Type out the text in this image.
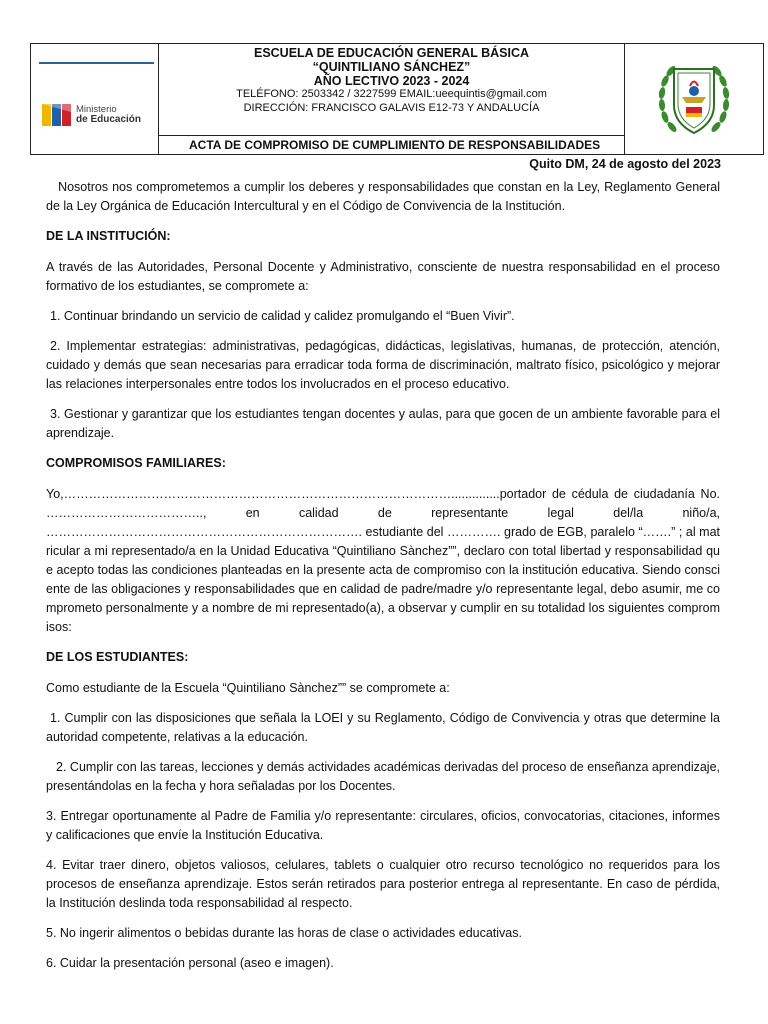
Ministerio
de Educación
ESCUELA DE EDUCACIÓN GENERAL BÁSICA
“QUINTILIANO SÁNCHEZ”
AÑO LECTIVO 2023 - 2024
TELÉFONO: 2503342 / 3227599 EMAIL:ueequintis@gmail.com
DIRECCIÓN: FRANCISCO GALAVIS E12-73 Y ANDALUCÍA
ACTA DE COMPROMISO DE CUMPLIMIENTO DE RESPONSABILIDADES
Quito DM, 24 de agosto del 2023

Nosotros nos comprometemos a cumplir los deberes y responsabilidades que constan en la Ley, Reglamento General de la Ley Orgánica de Educación Intercultural y en el Código de Convivencia de la Institución.

DE LA INSTITUCIÓN:

A través de las Autoridades, Personal Docente y Administrativo, consciente de nuestra responsabilidad en el proceso formativo de los estudiantes, se compromete a:

1. Continuar brindando un servicio de calidad y calidez promulgando el “Buen Vivir”.

2. Implementar estrategias: administrativas, pedagógicas, didácticas, legislativas, humanas, de protección, atención, cuidado y demás que sean necesarias para erradicar toda forma de discriminación, maltrato físico, psicológico y mejorar las relaciones interpersonales entre todos los involucrados en el proceso educativo.

3. Gestionar y garantizar que los estudiantes tengan docentes y aulas, para que gocen de un ambiente favorable para el aprendizaje.

COMPROMISOS FAMILIARES:

Yo,…………………………………………………………………………………..............portador de cédula de ciudadanía No. ……………………………….., en calidad de representante legal del/la niño/a, …………………………………………………………………. estudiante del …………. grado de EGB, paralelo “…….” ; al matricular a mi representado/a en la Unidad Educativa “Quintiliano Sànchez””, declaro con total libertad y responsabilidad que acepto todas las condiciones planteadas en la presente acta de compromiso con la institución educativa. Siendo consciente de las obligaciones y responsabilidades que en calidad de padre/madre y/o representante legal, debo asumir, me comprometo personalmente y a nombre de mi representado(a), a observar y cumplir en su totalidad los siguientes compromisos:

DE LOS ESTUDIANTES:

Como estudiante de la Escuela “Quintiliano Sànchez”” se compromete a:

1. Cumplir con las disposiciones que señala la LOEI y su Reglamento, Código de Convivencia y otras que determine la autoridad competente, relativas a la educación.

2. Cumplir con las tareas, lecciones y demás actividades académicas derivadas del proceso de enseñanza aprendizaje, presentándolas en la fecha y hora señaladas por los Docentes.

3. Entregar oportunamente al Padre de Familia y/o representante: circulares, oficios, convocatorias, citaciones, informes y calificaciones que envíe la Institución Educativa.

4. Evitar traer dinero, objetos valiosos, celulares, tablets o cualquier otro recurso tecnológico no requeridos para los procesos de enseñanza aprendizaje. Estos serán retirados para posterior entrega al representante. En caso de pérdida, la Institución deslinda toda responsabilidad al respecto.

5. No ingerir alimentos o bebidas durante las horas de clase o actividades educativas.

6. Cuidar la presentación personal (aseo e imagen).
